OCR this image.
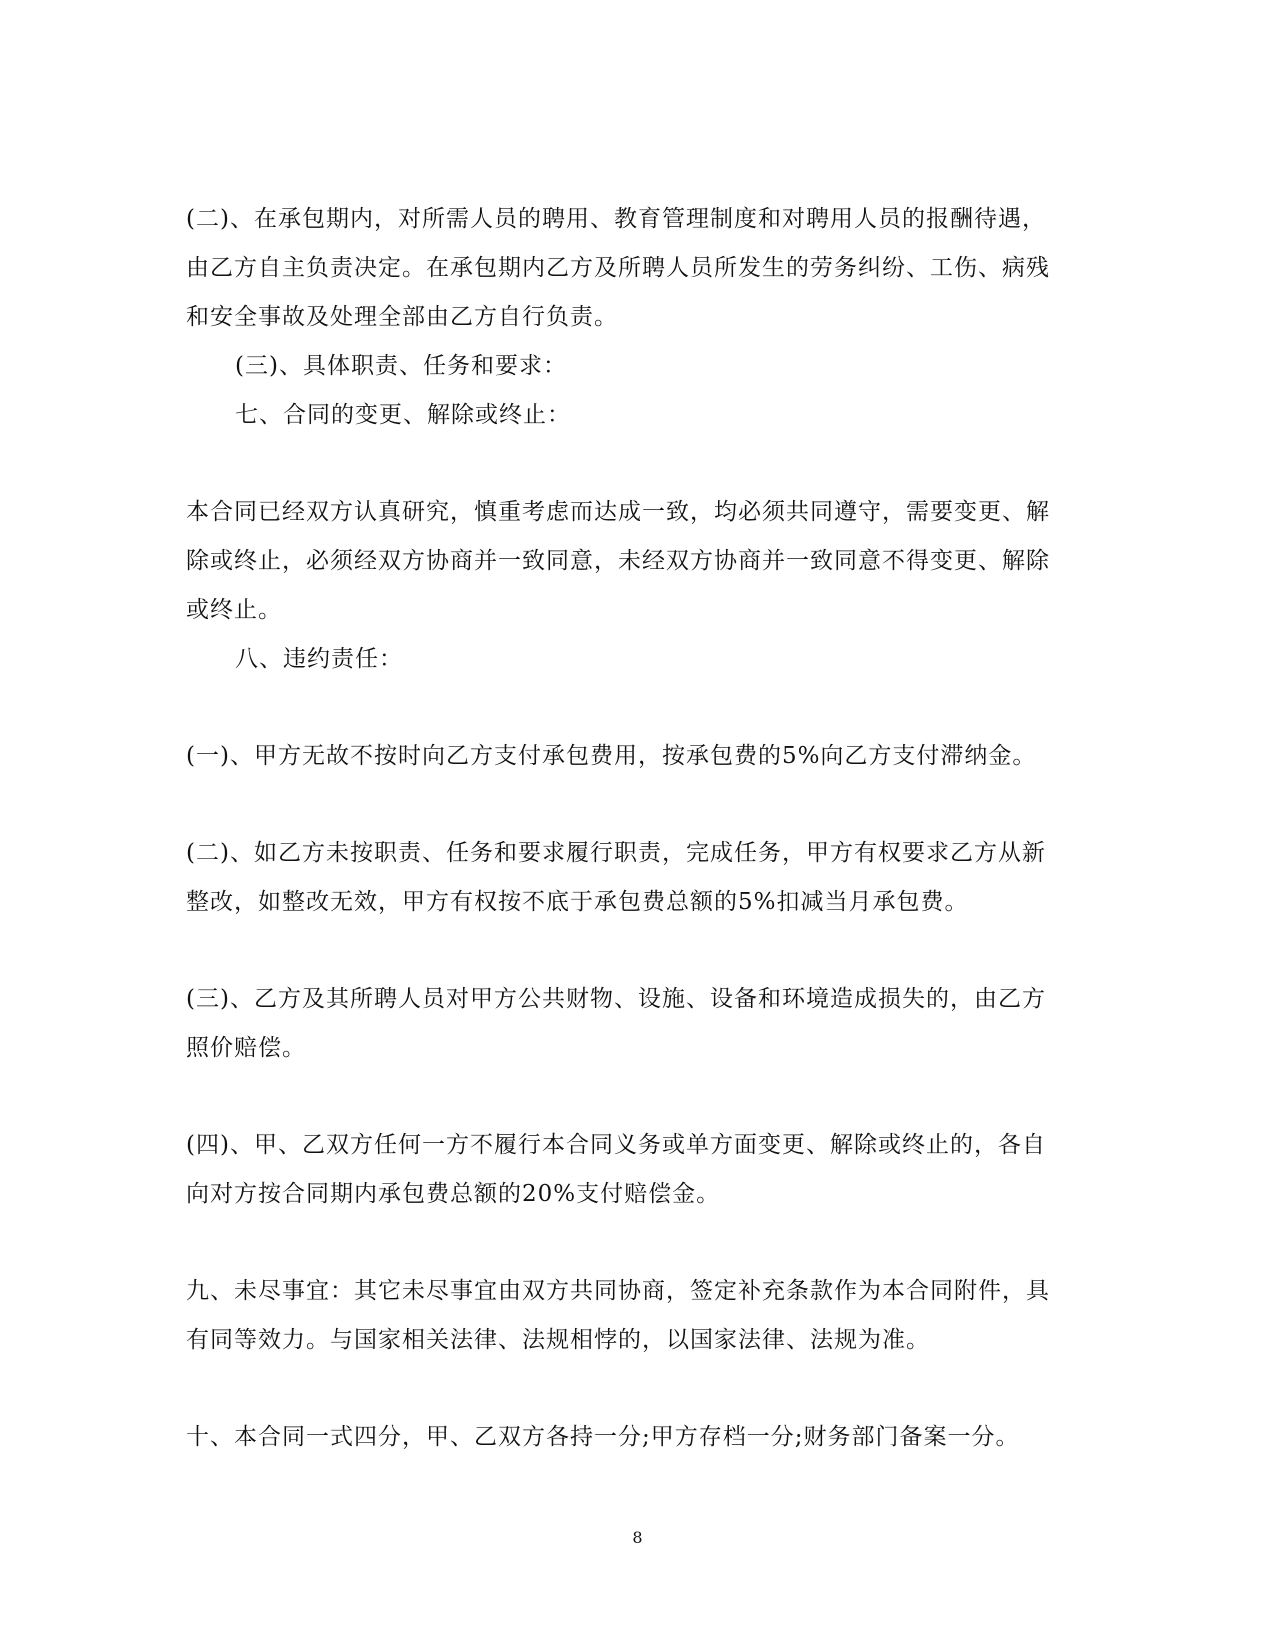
(二)、在承包期内，对所需人员的聘用、教育管理制度和对聘用人员的报酬待遇，
由乙方自主负责决定。在承包期内乙方及所聘人员所发生的劳务纠纷、工伤、病残
和安全事故及处理全部由乙方自行负责。
(三)、具体职责、任务和要求：
七、合同的变更、解除或终止：
本合同已经双方认真研究，慎重考虑而达成一致，均必须共同遵守，需要变更、解
除或终止，必须经双方协商并一致同意，未经双方协商并一致同意不得变更、解除
或终止。
八、违约责任：
(一)、甲方无故不按时向乙方支付承包费用，按承包费的5%向乙方支付滞纳金。
(二)、如乙方未按职责、任务和要求履行职责，完成任务，甲方有权要求乙方从新
整改，如整改无效，甲方有权按不底于承包费总额的5%扣减当月承包费。
(三)、乙方及其所聘人员对甲方公共财物、设施、设备和环境造成损失的，由乙方
照价赔偿。
(四)、甲、乙双方任何一方不履行本合同义务或单方面变更、解除或终止的，各自
向对方按合同期内承包费总额的20%支付赔偿金。
九、未尽事宜：其它未尽事宜由双方共同协商，签定补充条款作为本合同附件，具
有同等效力。与国家相关法律、法规相悖的，以国家法律、法规为准。
十、本合同一式四分，甲、乙双方各持一分;甲方存档一分;财务部门备案一分。
8
